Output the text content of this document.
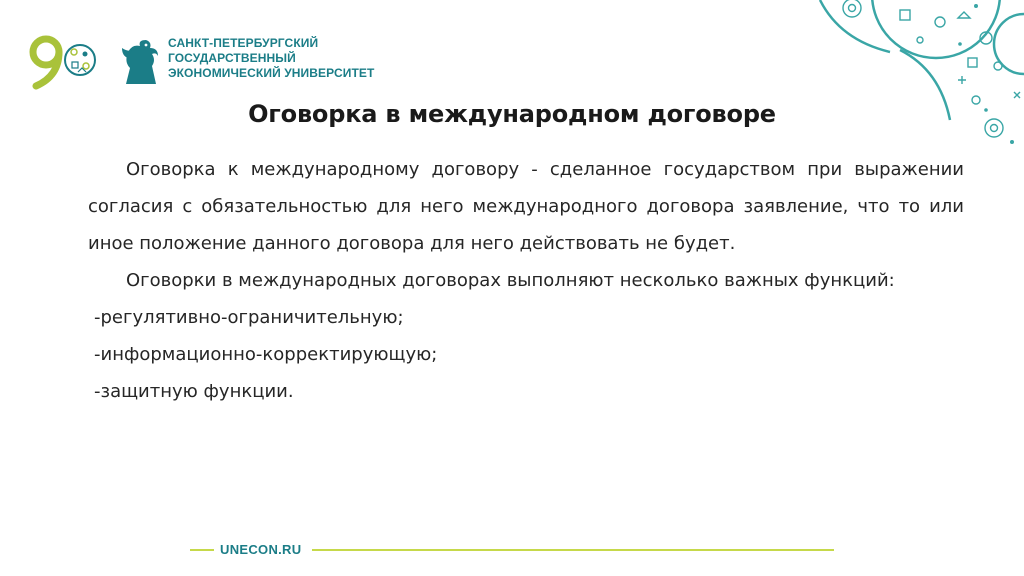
САНКТ-ПЕТЕРБУРГСКИЙ
ГОСУДАРСТВЕННЫЙ
ЭКОНОМИЧЕСКИЙ УНИВЕРСИТЕТ
Оговорка в международном договоре

Оговорка к международному договору - сделанное государством при выражении согласия с обязательностью для него международного договора заявление, что то или иное положение данного договора для него действовать не будет.

Оговорки в международных договорах выполняют несколько важных функций:

-регулятивно-ограничительную;

-информационно-корректирующую;

-защитную функции.

UNECON.RU
